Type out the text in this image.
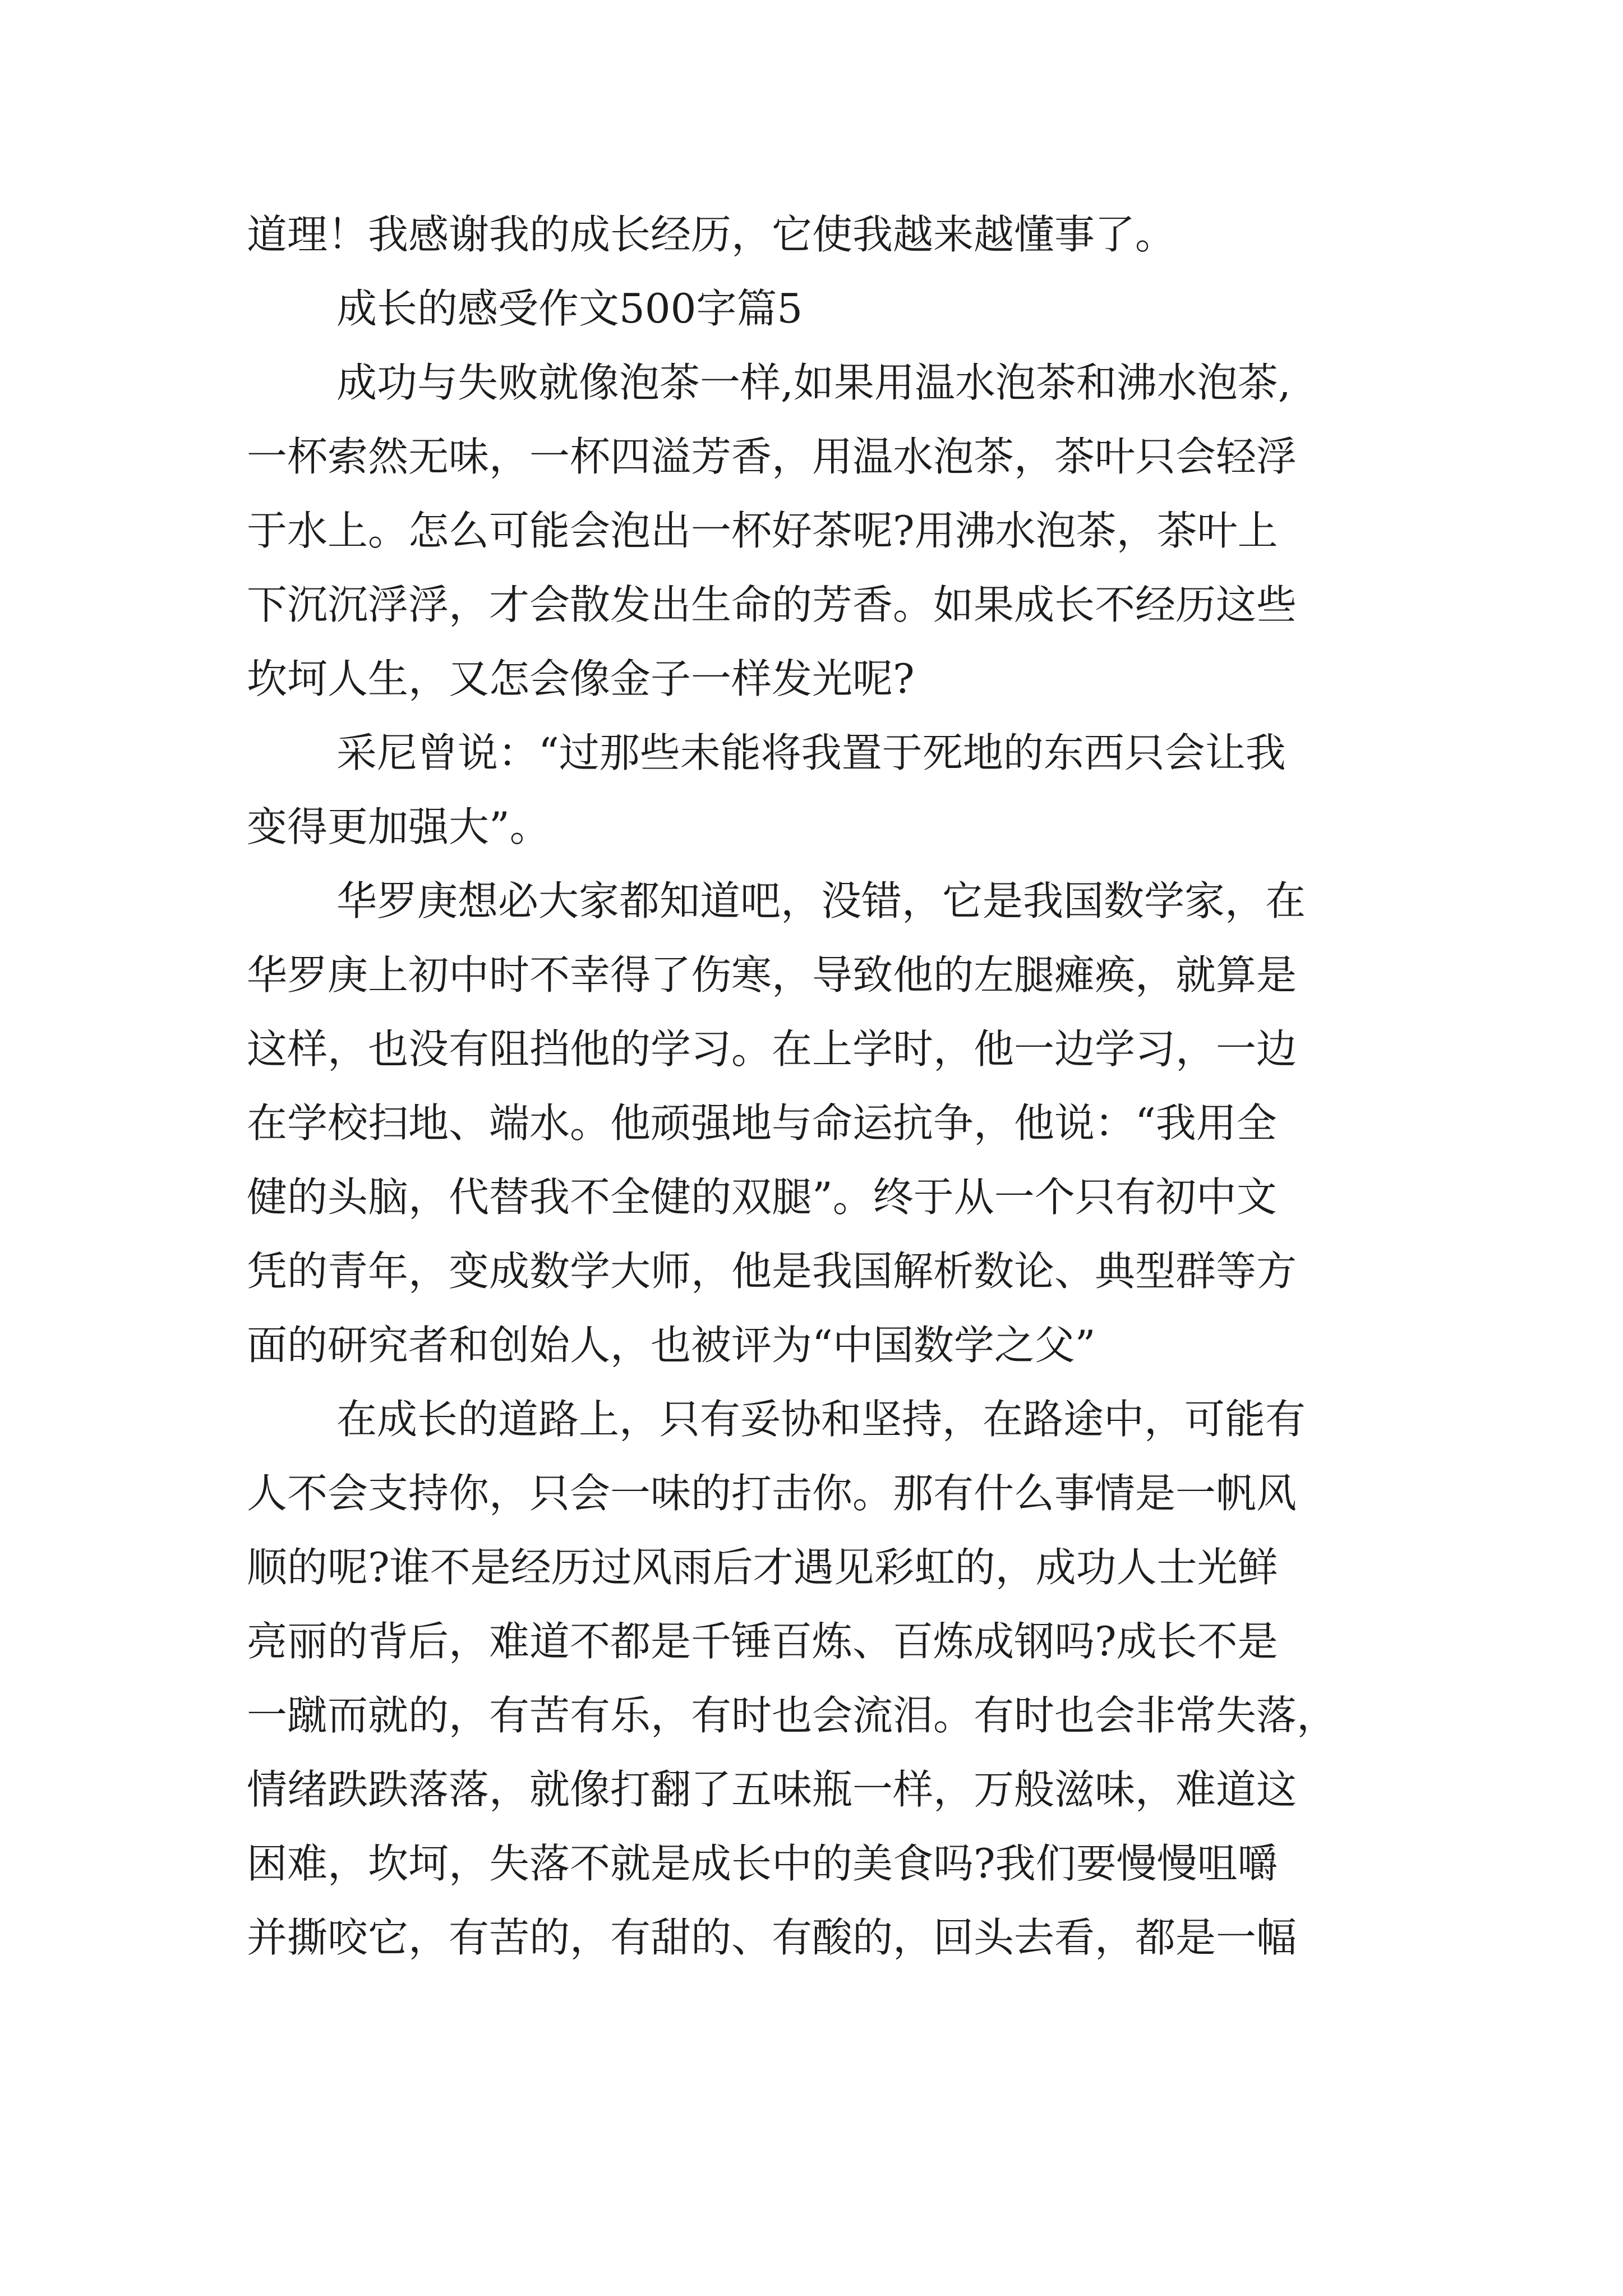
道理！我感谢我的成长经历，它使我越来越懂事了。
成长的感受作文500字篇5
成功与失败就像泡茶一样,如果用温水泡茶和沸水泡茶,
一杯索然无味，一杯四溢芳香，用温水泡茶，茶叶只会轻浮
于水上。怎么可能会泡出一杯好茶呢?用沸水泡茶，茶叶上
下沉沉浮浮，才会散发出生命的芳香。如果成长不经历这些
坎坷人生，又怎会像金子一样发光呢?
采尼曾说：“过那些未能将我置于死地的东西只会让我
变得更加强大”。
华罗庚想必大家都知道吧，没错，它是我国数学家，在
华罗庚上初中时不幸得了伤寒，导致他的左腿瘫痪，就算是
这样，也没有阻挡他的学习。在上学时，他一边学习，一边
在学校扫地、端水。他顽强地与命运抗争，他说：“我用全
健的头脑，代替我不全健的双腿”。终于从一个只有初中文
凭的青年，变成数学大师，他是我国解析数论、典型群等方
面的研究者和创始人，也被评为“中国数学之父”
在成长的道路上，只有妥协和坚持，在路途中，可能有
人不会支持你，只会一味的打击你。那有什么事情是一帆风
顺的呢?谁不是经历过风雨后才遇见彩虹的，成功人士光鲜
亮丽的背后，难道不都是千锤百炼、百炼成钢吗?成长不是
一蹴而就的，有苦有乐，有时也会流泪。有时也会非常失落，
情绪跌跌落落，就像打翻了五味瓶一样，万般滋味，难道这
困难，坎坷，失落不就是成长中的美食吗?我们要慢慢咀嚼
并撕咬它，有苦的，有甜的、有酸的，回头去看，都是一幅
